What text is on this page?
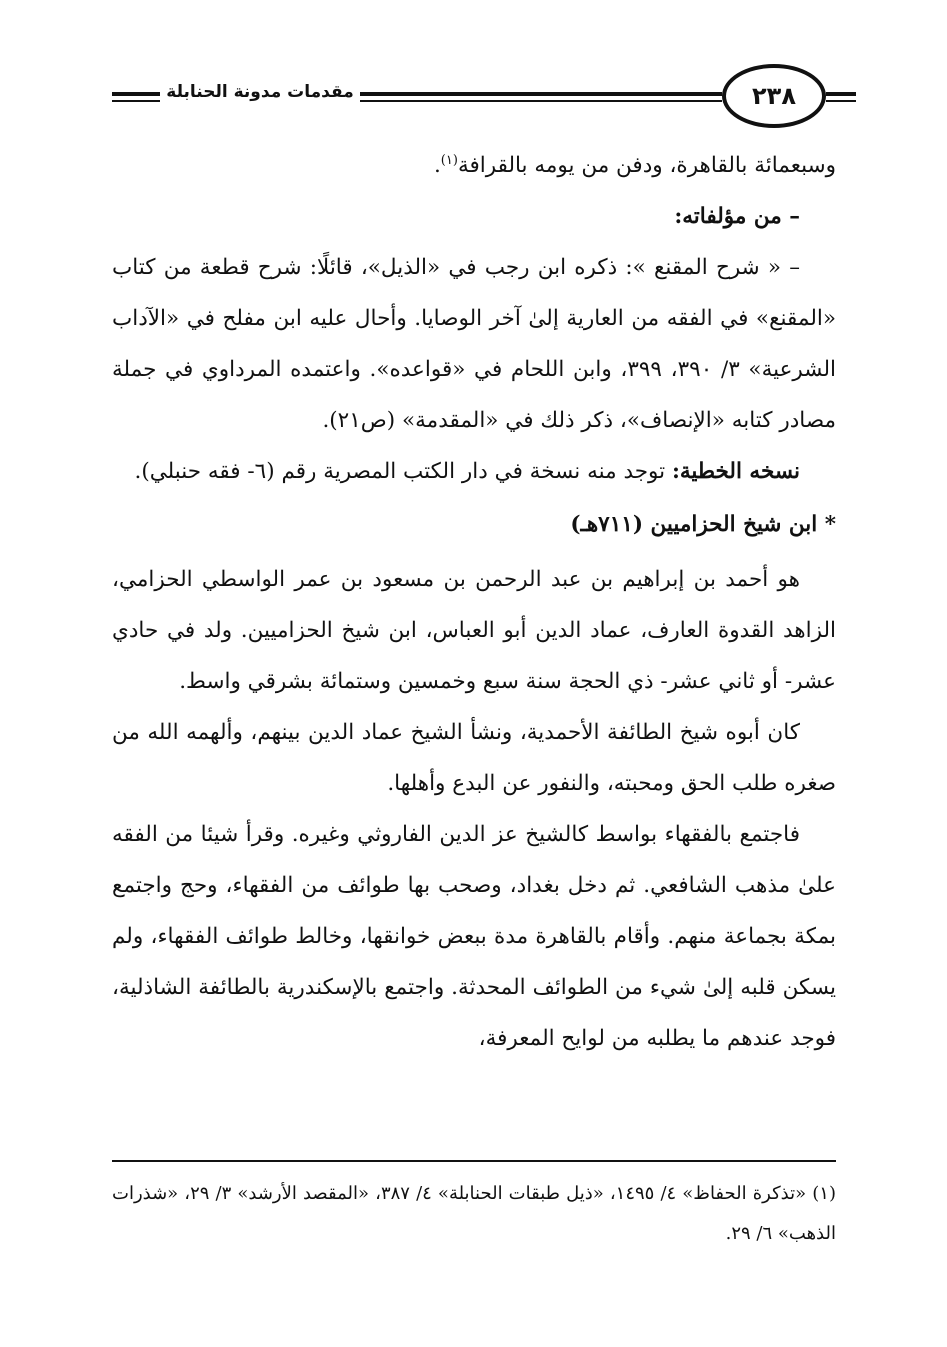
٢٣٨
مقدمات مدونة الحنابلة

وسبعمائة بالقاهرة، ودفن من يومه بالقرافة$^{(١)}$.

– من مؤلفاته:

– « شرح المقنع »: ذكره ابن رجب في «الذيل»، قائلًا: شرح قطعة من كتاب «المقنع» في الفقه من العارية إلىٰ آخر الوصايا. وأحال عليه ابن مفلح في «الآداب الشرعية» ٣/ ٣٩٠، ٣٩٩، وابن اللحام في «قواعده». واعتمده المرداوي في جملة مصادر كتابه «الإنصاف»، ذكر ذلك في «المقدمة» (ص٢١).

نسخه الخطية: توجد منه نسخة في دار الكتب المصرية رقم (٦- فقه حنبلي).

* ابن شيخ الحزاميين (٧١١هـ)

هو أحمد بن إبراهيم بن عبد الرحمن بن مسعود بن عمر الواسطي الحزامي، الزاهد القدوة العارف، عماد الدين أبو العباس، ابن شيخ الحزاميين. ولد في حادي عشر- أو ثاني عشر- ذي الحجة سنة سبع وخمسين وستمائة بشرقي واسط.

كان أبوه شيخ الطائفة الأحمدية، ونشأ الشيخ عماد الدين بينهم، وألهمه الله من صغره طلب الحق ومحبته، والنفور عن البدع وأهلها.

فاجتمع بالفقهاء بواسط كالشيخ عز الدين الفاروثي وغيره. وقرأ شيئا من الفقه علىٰ مذهب الشافعي. ثم دخل بغداد، وصحب بها طوائف من الفقهاء، وحج واجتمع بمكة بجماعة منهم. وأقام بالقاهرة مدة ببعض خوانقها، وخالط طوائف الفقهاء، ولم يسكن قلبه إلىٰ شيء من الطوائف المحدثة. واجتمع بالإسكندرية بالطائفة الشاذلية، فوجد عندهم ما يطلبه من لوايح المعرفة،

(١) «تذكرة الحفاظ» ٤/ ١٤٩٥، «ذيل طبقات الحنابلة» ٤/ ٣٨٧، «المقصد الأرشد» ٣/ ٢٩، «شذرات الذهب» ٦/ ٢٩.
